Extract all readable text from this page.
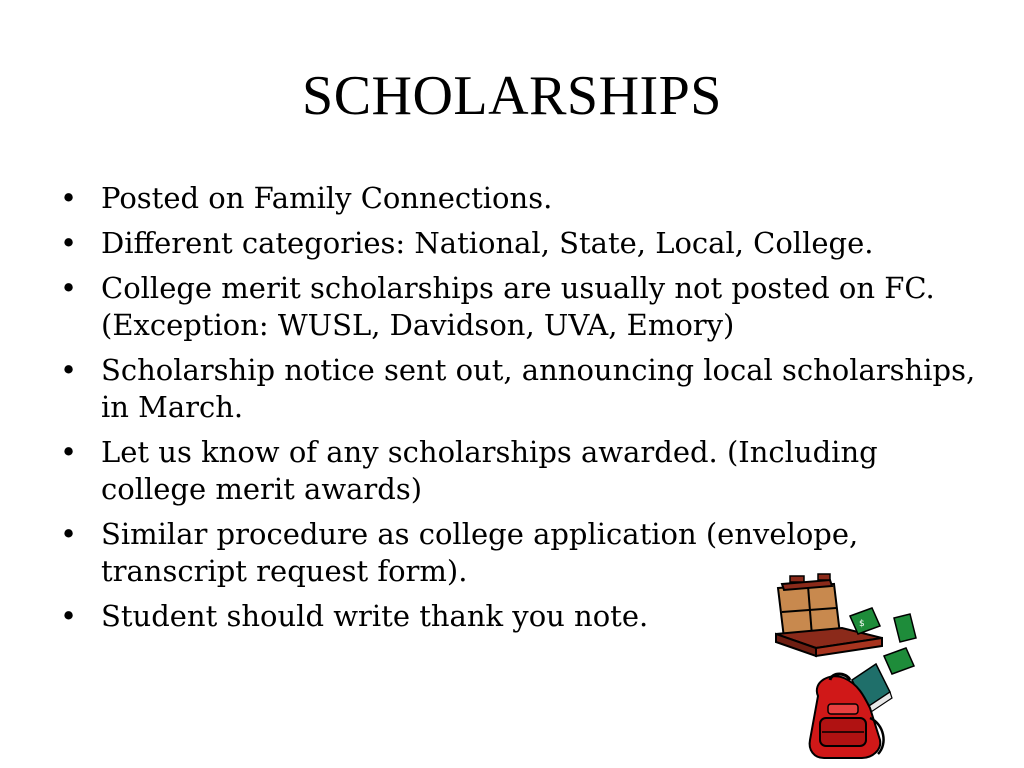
SCHOLARSHIPS
• Posted on Family Connections.
• Different categories: National, State, Local, College.
• College merit scholarships are usually not posted on FC. (Exception: WUSL, Davidson, UVA, Emory)
• Scholarship notice sent out, announcing local scholarships, in March.
• Let us know of any scholarships awarded. (Including college merit awards)
• Similar procedure as college application (envelope, transcript request form).
• Student should write thank you note.	$
